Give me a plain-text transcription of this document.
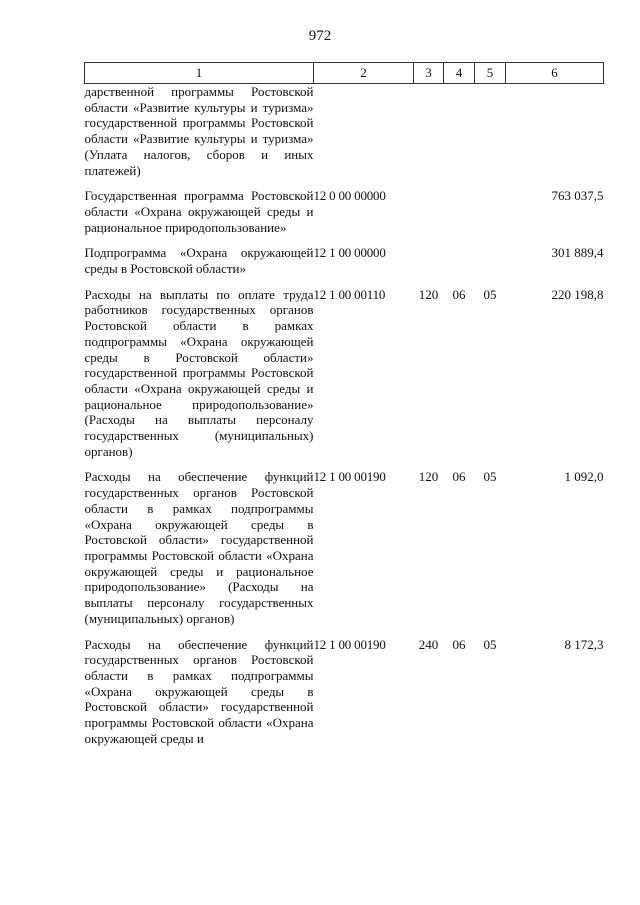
972
1	2	3	4	5	6
дарственной программы Ростовской области «Развитие культуры и туризма» государственной программы Ростовской области «Развитие культуры и туризма» (Уплата налогов, сборов и иных платежей)					
Государственная программа Ростовской области «Охрана окружающей среды и рациональное природопользование»	12 0 00 00000				763 037,5
Подпрограмма «Охрана окружающей среды в Ростовской области»	12 1 00 00000				301 889,4
Расходы на выплаты по оплате труда работников государственных органов Ростовской области в рамках подпрограммы «Охрана окружающей среды в Ростовской области» государственной программы Ростовской области «Охрана окружающей среды и рациональное природопользование» (Расходы на выплаты персоналу государственных (муниципальных) органов)	12 1 00 00110	120	06	05	220 198,8
Расходы на обеспечение функций государственных органов Ростовской области в рамках подпрограммы «Охрана окружающей среды в Ростовской области» государственной программы Ростовской области «Охрана окружающей среды и рациональное природопользование» (Расходы на выплаты персоналу государственных (муниципальных) органов)	12 1 00 00190	120	06	05	1 092,0
Расходы на обеспечение функций государственных органов Ростовской области в рамках подпрограммы «Охрана окружающей среды в Ростовской области» государственной программы Ростовской области «Охрана окружающей среды и	12 1 00 00190	240	06	05	8 172,3
